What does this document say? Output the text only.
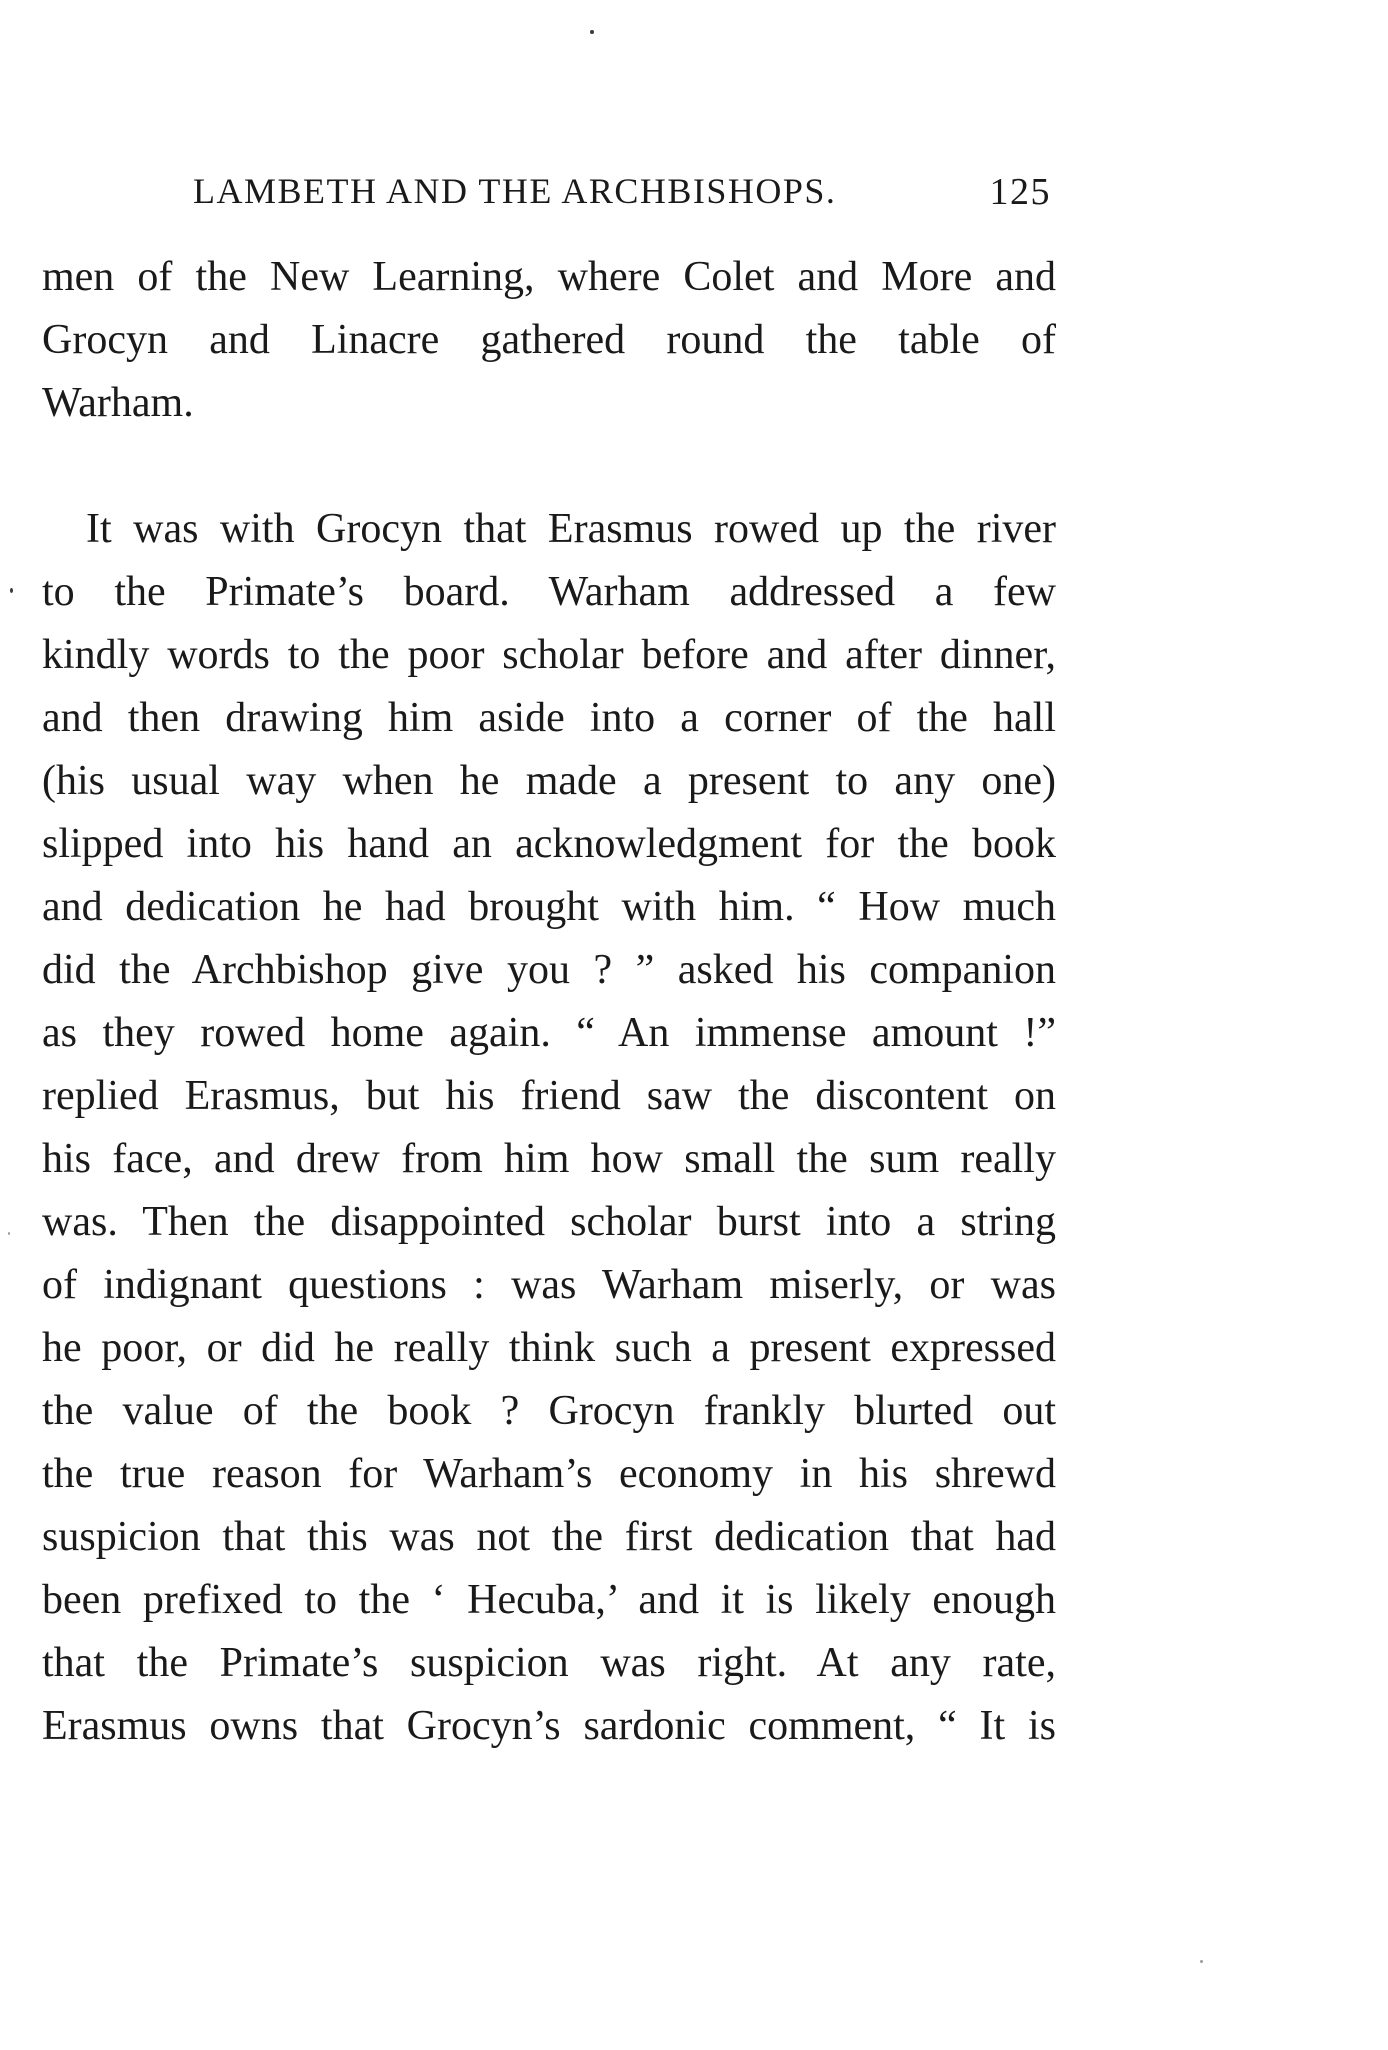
LAMBETH AND THE ARCHBISHOPS.	125
men of the New Learning, where Colet and More and
Grocyn and Linacre gathered round the table of
Warham.
It was with Grocyn that Erasmus rowed up the river
to the Primate’s board. Warham addressed a few
kindly words to the poor scholar before and after dinner,
and then drawing him aside into a corner of the hall
(his usual way when he made a present to any one)
slipped into his hand an acknowledgment for the book
and dedication he had brought with him. “ How much
did the Archbishop give you ? ” asked his companion
as they rowed home again. “ An immense amount !”
replied Erasmus, but his friend saw the discontent on
his face, and drew from him how small the sum really
was. Then the disappointed scholar burst into a string
of indignant questions : was Warham miserly, or was
he poor, or did he really think such a present expressed
the value of the book ? Grocyn frankly blurted out
the true reason for Warham’s economy in his shrewd
suspicion that this was not the first dedication that had
been prefixed to the ‘ Hecuba,’ and it is likely enough
that the Primate’s suspicion was right. At any rate,
Erasmus owns that Grocyn’s sardonic comment, “ It is
